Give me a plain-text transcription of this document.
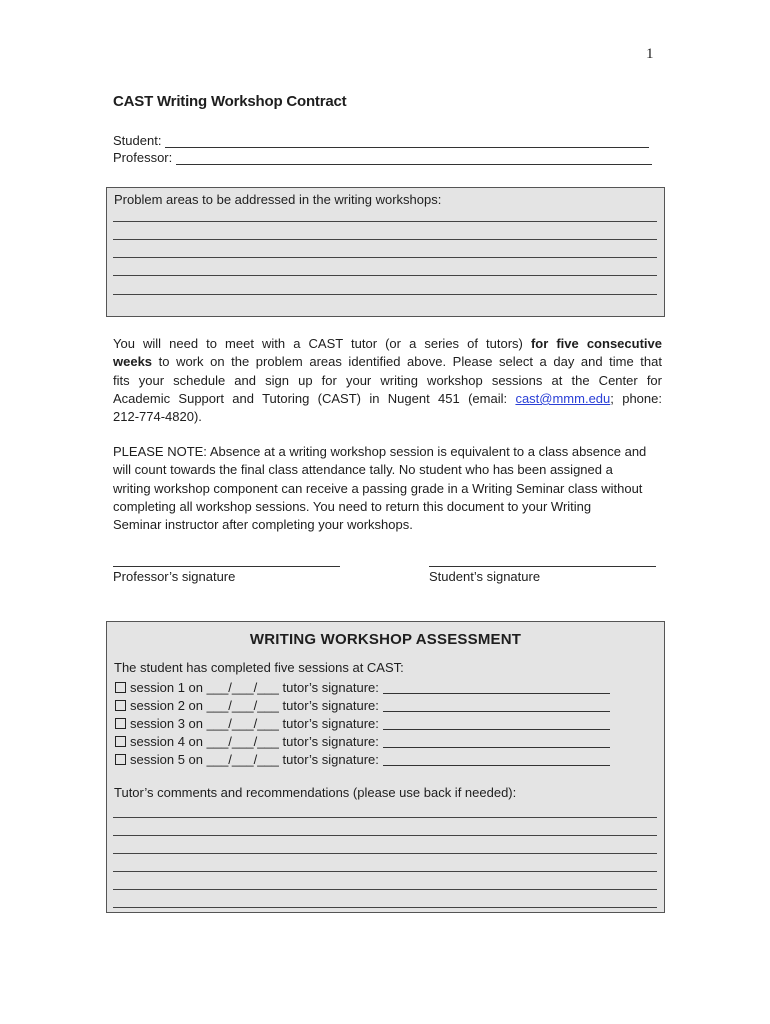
1
CAST Writing Workshop Contract
Student:
Professor:
Problem areas to be addressed in the writing workshops:
You will need to meet with a CAST tutor (or a series of tutors) for five consecutive
weeks to work on the problem areas identified above. Please select a day and time that
fits your schedule and sign up for your writing workshop sessions at the Center for
Academic Support and Tutoring (CAST) in Nugent 451 (email: cast@mmm.edu; phone:
212-774-4820).
PLEASE NOTE: Absence at a writing workshop session is equivalent to a class absence and
will count towards the final class attendance tally. No student who has been assigned a
writing workshop component can receive a passing grade in a Writing Seminar class without
completing all workshop sessions. You need to return this document to your Writing
Seminar instructor after completing your workshops.
Professor’s signature	Student’s signature
WRITING WORKSHOP ASSESSMENT
The student has completed five sessions at CAST:
session 1 on ___/___/___ tutor’s signature:
session 2 on ___/___/___ tutor’s signature:
session 3 on ___/___/___ tutor’s signature:
session 4 on ___/___/___ tutor’s signature:
session 5 on ___/___/___ tutor’s signature:
Tutor’s comments and recommendations (please use back if needed):
